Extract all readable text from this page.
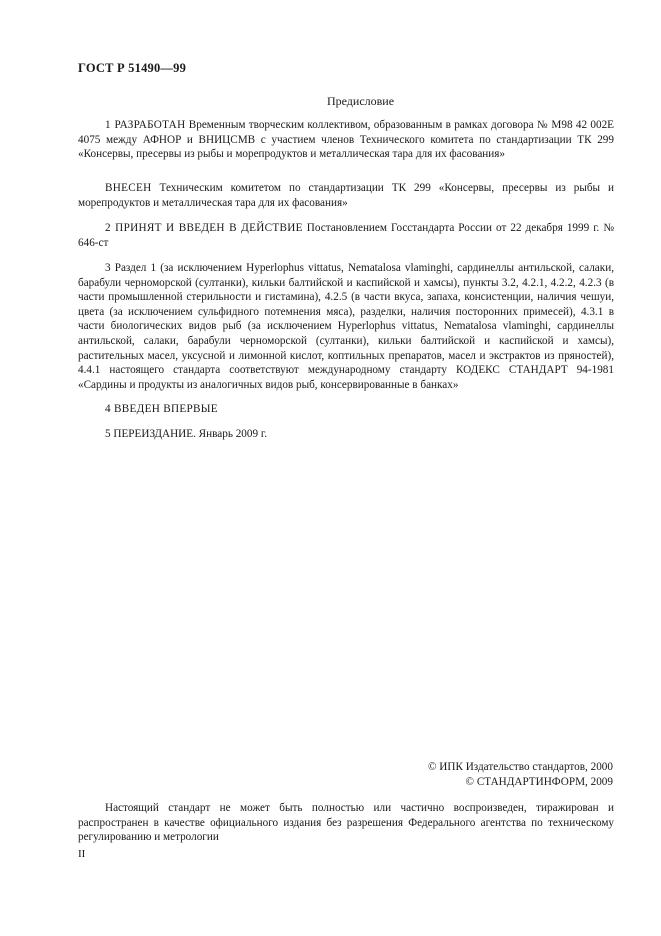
ГОСТ Р 51490—99
Предисловие

1 РАЗРАБОТАН Временным творческим коллективом, образованным в рамках договора № М98 42 002Е 4075 между АФНОР и ВНИЦСМВ с участием членов Технического комитета по стандартизации ТК 299 «Консервы, пресервы из рыбы и морепродуктов и металлическая тара для их фасования»

ВНЕСЕН Техническим комитетом по стандартизации ТК 299 «Консервы, пресервы из рыбы и морепродуктов и металлическая тара для их фасования»

2 ПРИНЯТ И ВВЕДЕН В ДЕЙСТВИЕ Постановлением Госстандарта России от 22 декабря 1999 г. № 646-ст

3 Раздел 1 (за исключением Hyperlophus vittatus, Nematalosa vlaminghi, сардинеллы антильской, салаки, барабули черноморской (султанки), кильки балтийской и каспийской и хамсы), пункты 3.2, 4.2.1, 4.2.2, 4.2.3 (в части промышленной стерильности и гистамина), 4.2.5 (в части вкуса, запаха, консистенции, наличия чешуи, цвета (за исключением сульфидного потемнения мяса), разделки, наличия посторонних примесей), 4.3.1 в части биологических видов рыб (за исключением Hyperlophus vittatus, Nematalosa vlaminghi, сардинеллы антильской, салаки, барабули черноморской (султанки), кильки балтийской и каспийской и хамсы), растительных масел, уксусной и лимонной кислот, коптильных препаратов, масел и экстрактов из пряностей), 4.4.1 настоящего стандарта соответствуют международному стандарту КОДЕКС СТАНДАРТ 94-1981 «Сардины и продукты из аналогичных видов рыб, консервированные в банках»

4 ВВЕДЕН ВПЕРВЫЕ

5 ПЕРЕИЗДАНИЕ. Январь 2009 г.

© ИПК Издательство стандартов, 2000
© СТАНДАРТИНФОРМ, 2009

Настоящий стандарт не может быть полностью или частично воспроизведен, тиражирован и распространен в качестве официального издания без разрешения Федерального агентства по техническому регулированию и метрологии

II
